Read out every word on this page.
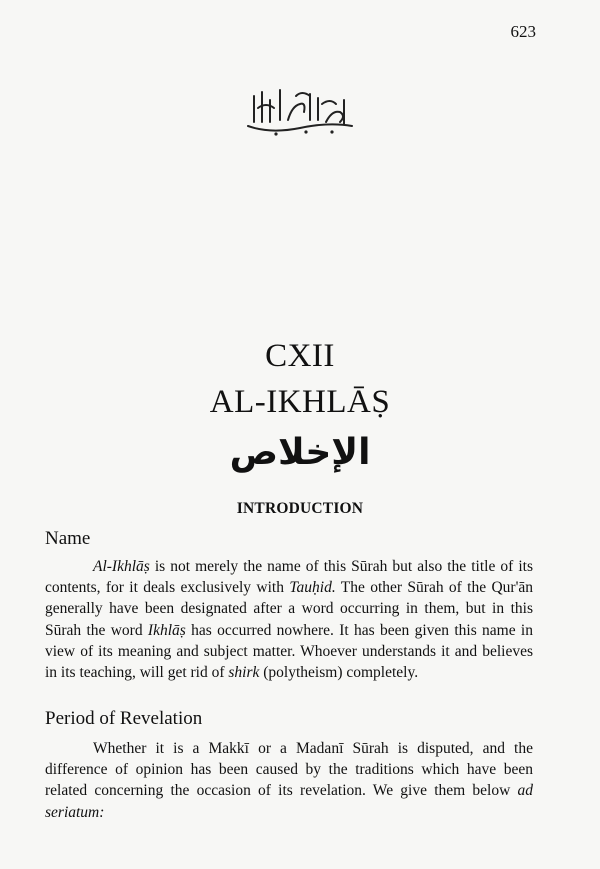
623
CXII
AL-IKHLĀṢ
الإخلاص
INTRODUCTION
Name

Al-Ikhlāṣ is not merely the name of this Sūrah but also the title of its contents, for it deals exclusively with Tauḥid. The other Sūrah of the Qur'ān generally have been designated after a word occurring in them, but in this Sūrah the word Ikhlāṣ has occurred nowhere. It has been given this name in view of its meaning and subject matter. Whoever understands it and believes in its teaching, will get rid of shirk (polytheism) completely.

Period of Revelation

Whether it is a Makkī or a Madanī Sūrah is disputed, and the difference of opinion has been caused by the traditions which have been related concerning the occasion of its revelation. We give them below ad seriatum:
